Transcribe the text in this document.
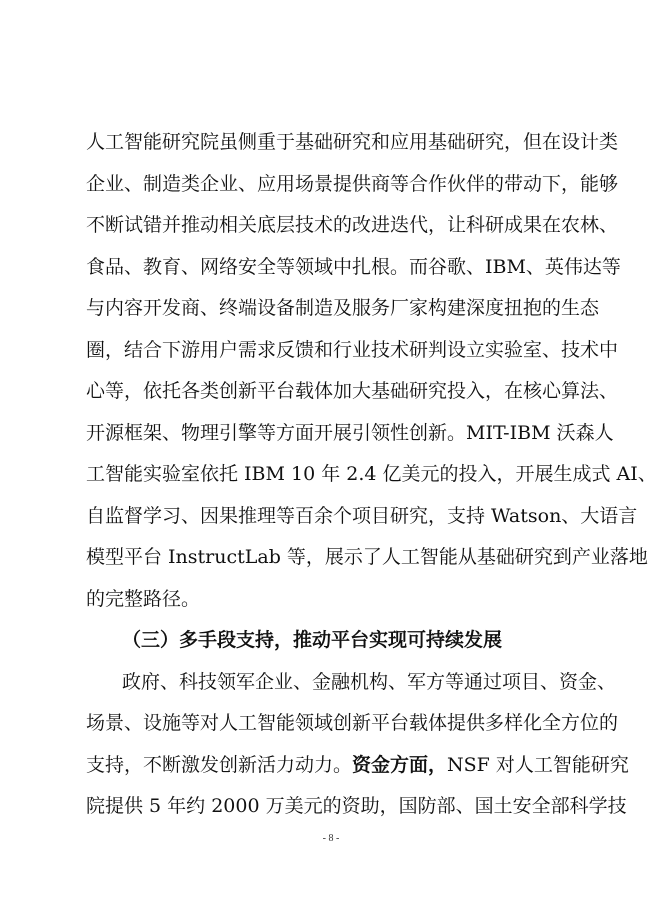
人工智能研究院虽侧重于基础研究和应用基础研究，但在设计类
企业、制造类企业、应用场景提供商等合作伙伴的带动下，能够
不断试错并推动相关底层技术的改进迭代，让科研成果在农林、
食品、教育、网络安全等领域中扎根。而谷歌、IBM、英伟达等
与内容开发商、终端设备制造及服务厂家构建深度扭抱的生态
圈，结合下游用户需求反馈和行业技术研判设立实验室、技术中
心等，依托各类创新平台载体加大基础研究投入，在核心算法、
开源框架、物理引擎等方面开展引领性创新。MIT-IBM 沃森人
工智能实验室依托 IBM 10 年 2.4 亿美元的投入，开展生成式 AI、
自监督学习、因果推理等百余个项目研究，支持 Watson、大语言
模型平台 InstructLab 等，展示了人工智能从基础研究到产业落地
的完整路径。
（三）多手段支持，推动平台实现可持续发展
政府、科技领军企业、金融机构、军方等通过项目、资金、
场景、设施等对人工智能领域创新平台载体提供多样化全方位的
支持，不断激发创新活力动力。资金方面，NSF 对人工智能研究
- 8 -
院提供 5 年约 2000 万美元的资助，国防部、国土安全部科学技
